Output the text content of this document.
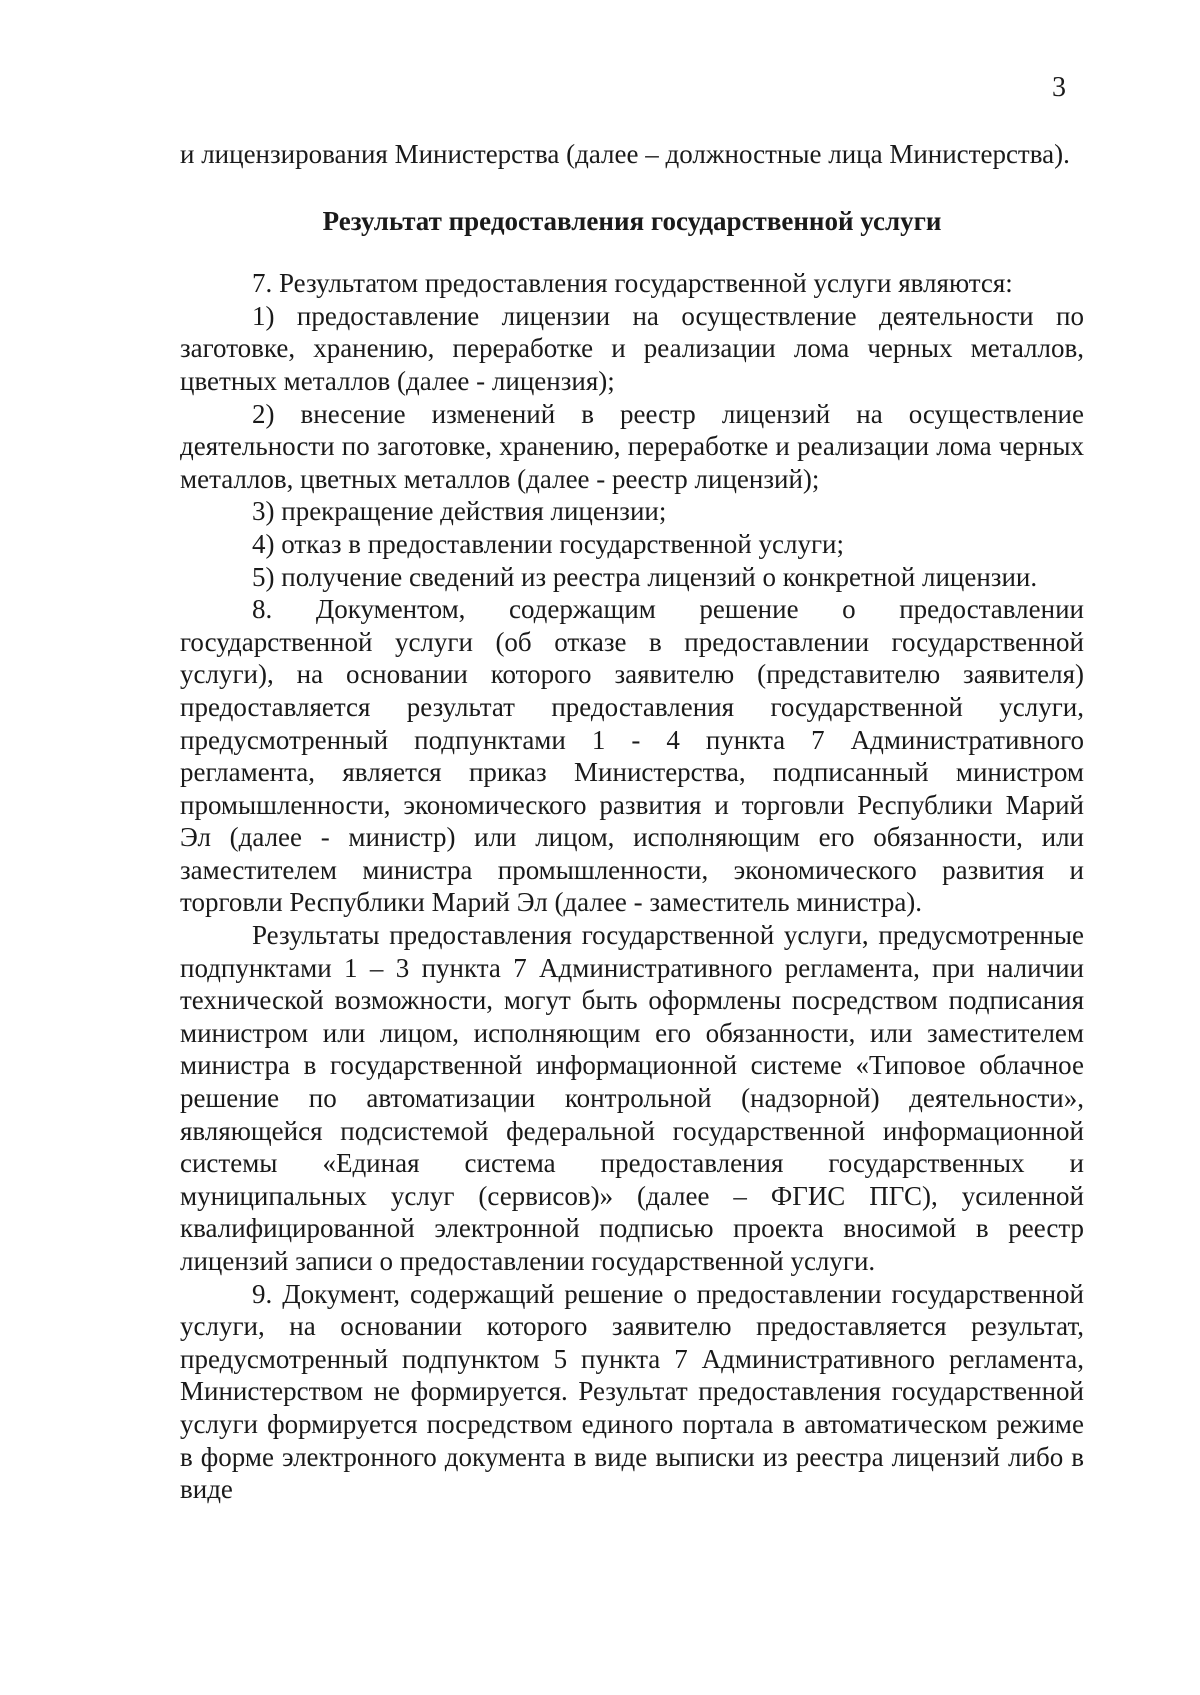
3

и лицензирования Министерства (далее – должностные лица Министерства).

Результат предоставления государственной услуги

7. Результатом предоставления государственной услуги являются:

1) предоставление лицензии на осуществление деятельности по заготовке, хранению, переработке и реализации лома черных металлов, цветных металлов (далее - лицензия);

2) внесение изменений в реестр лицензий на осуществление деятельности по заготовке, хранению, переработке и реализации лома черных металлов, цветных металлов (далее - реестр лицензий);

3) прекращение действия лицензии;

4) отказ в предоставлении государственной услуги;

5) получение сведений из реестра лицензий о конкретной лицензии.

8. Документом, содержащим решение о предоставлении государственной услуги (об отказе в предоставлении государственной услуги), на основании которого заявителю (представителю заявителя) предоставляется результат предоставления государственной услуги, предусмотренный подпунктами 1 - 4 пункта 7 Административного регламента, является приказ Министерства, подписанный министром промышленности, экономического развития и торговли Республики Марий Эл (далее - министр) или лицом, исполняющим его обязанности, или заместителем министра промышленности, экономического развития и торговли Республики Марий Эл (далее - заместитель министра).

Результаты предоставления государственной услуги, предусмотренные подпунктами 1 – 3 пункта 7 Административного регламента, при наличии технической возможности, могут быть оформлены посредством подписания министром или лицом, исполняющим его обязанности, или заместителем министра в государственной информационной системе «Типовое облачное решение по автоматизации контрольной (надзорной) деятельности», являющейся подсистемой федеральной государственной информационной системы «Единая система предоставления государственных и муниципальных услуг (сервисов)» (далее – ФГИС ПГС), усиленной квалифицированной электронной подписью проекта вносимой в реестр лицензий записи о предоставлении государственной услуги.

9. Документ, содержащий решение о предоставлении государственной услуги, на основании которого заявителю предоставляется результат, предусмотренный подпунктом 5 пункта 7 Административного регламента, Министерством не формируется. Результат предоставления государственной услуги формируется посредством единого портала в автоматическом режиме в форме электронного документа в виде выписки из реестра лицензий либо в виде
